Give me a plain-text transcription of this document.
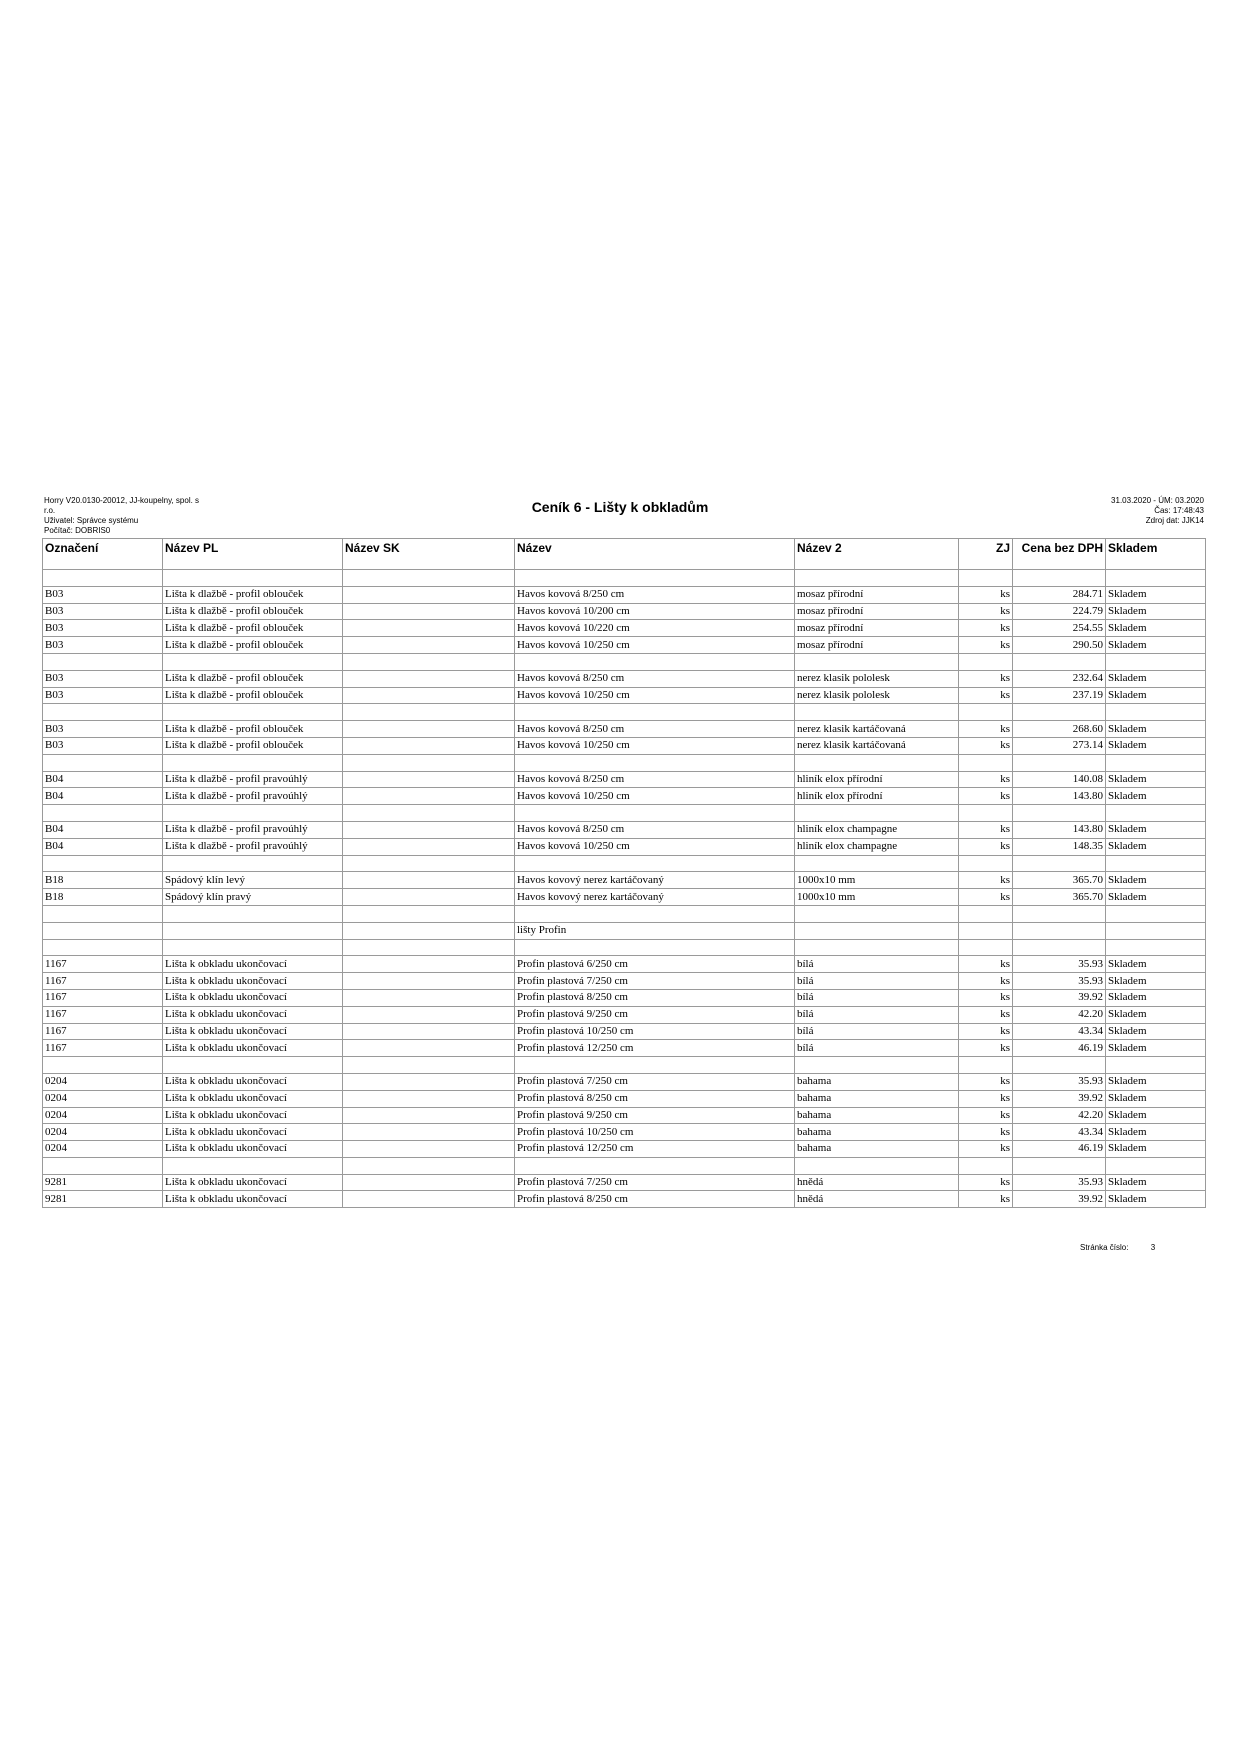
Horry V20.0130-20012, JJ-koupelny, spol. s
r.o.
Uživatel: Správce systému
Počítač: DOBRIS0
Ceník 6 - Lišty k obkladům	31.03.2020 - ÚM: 03.2020
Čas: 17:48:43
Zdroj dat: JJK14
Označení	Název PL	Název SK	Název	Název 2	ZJ	Cena bez DPH	Skladem

B03	Lišta k dlažbě - profil oblouček		Havos kovová 8/250 cm	mosaz přírodní	ks	284.71	Skladem
B03	Lišta k dlažbě - profil oblouček		Havos kovová 10/200 cm	mosaz přírodní	ks	224.79	Skladem
B03	Lišta k dlažbě - profil oblouček		Havos kovová 10/220 cm	mosaz přírodní	ks	254.55	Skladem
B03	Lišta k dlažbě - profil oblouček		Havos kovová 10/250 cm	mosaz přírodní	ks	290.50	Skladem

B03	Lišta k dlažbě - profil oblouček		Havos kovová 8/250 cm	nerez klasik pololesk	ks	232.64	Skladem
B03	Lišta k dlažbě - profil oblouček		Havos kovová 10/250 cm	nerez klasik pololesk	ks	237.19	Skladem

B03	Lišta k dlažbě - profil oblouček		Havos kovová 8/250 cm	nerez klasik kartáčovaná	ks	268.60	Skladem
B03	Lišta k dlažbě - profil oblouček		Havos kovová 10/250 cm	nerez klasik kartáčovaná	ks	273.14	Skladem

B04	Lišta k dlažbě - profil pravoúhlý		Havos kovová 8/250 cm	hliník elox přírodní	ks	140.08	Skladem
B04	Lišta k dlažbě - profil pravoúhlý		Havos kovová 10/250 cm	hliník elox přírodní	ks	143.80	Skladem

B04	Lišta k dlažbě - profil pravoúhlý		Havos kovová 8/250 cm	hliník elox champagne	ks	143.80	Skladem
B04	Lišta k dlažbě - profil pravoúhlý		Havos kovová 10/250 cm	hliník elox champagne	ks	148.35	Skladem

B18	Spádový klín levý		Havos kovový nerez kartáčovaný	1000x10 mm	ks	365.70	Skladem
B18	Spádový klín pravý		Havos kovový nerez kartáčovaný	1000x10 mm	ks	365.70	Skladem

			lišty Profin				

1167	Lišta k obkladu ukončovací		Profin plastová 6/250 cm	bílá	ks	35.93	Skladem
1167	Lišta k obkladu ukončovací		Profin plastová 7/250 cm	bílá	ks	35.93	Skladem
1167	Lišta k obkladu ukončovací		Profin plastová 8/250 cm	bílá	ks	39.92	Skladem
1167	Lišta k obkladu ukončovací		Profin plastová 9/250 cm	bílá	ks	42.20	Skladem
1167	Lišta k obkladu ukončovací		Profin plastová 10/250 cm	bílá	ks	43.34	Skladem
1167	Lišta k obkladu ukončovací		Profin plastová 12/250 cm	bílá	ks	46.19	Skladem

0204	Lišta k obkladu ukončovací		Profin plastová 7/250 cm	bahama	ks	35.93	Skladem
0204	Lišta k obkladu ukončovací		Profin plastová 8/250 cm	bahama	ks	39.92	Skladem
0204	Lišta k obkladu ukončovací		Profin plastová 9/250 cm	bahama	ks	42.20	Skladem
0204	Lišta k obkladu ukončovací		Profin plastová 10/250 cm	bahama	ks	43.34	Skladem
0204	Lišta k obkladu ukončovací		Profin plastová 12/250 cm	bahama	ks	46.19	Skladem

9281	Lišta k obkladu ukončovací		Profin plastová 7/250 cm	hnědá	ks	35.93	Skladem
9281	Lišta k obkladu ukončovací		Profin plastová 8/250 cm	hnědá	ks	39.92	Skladem
Stránka číslo:	3
